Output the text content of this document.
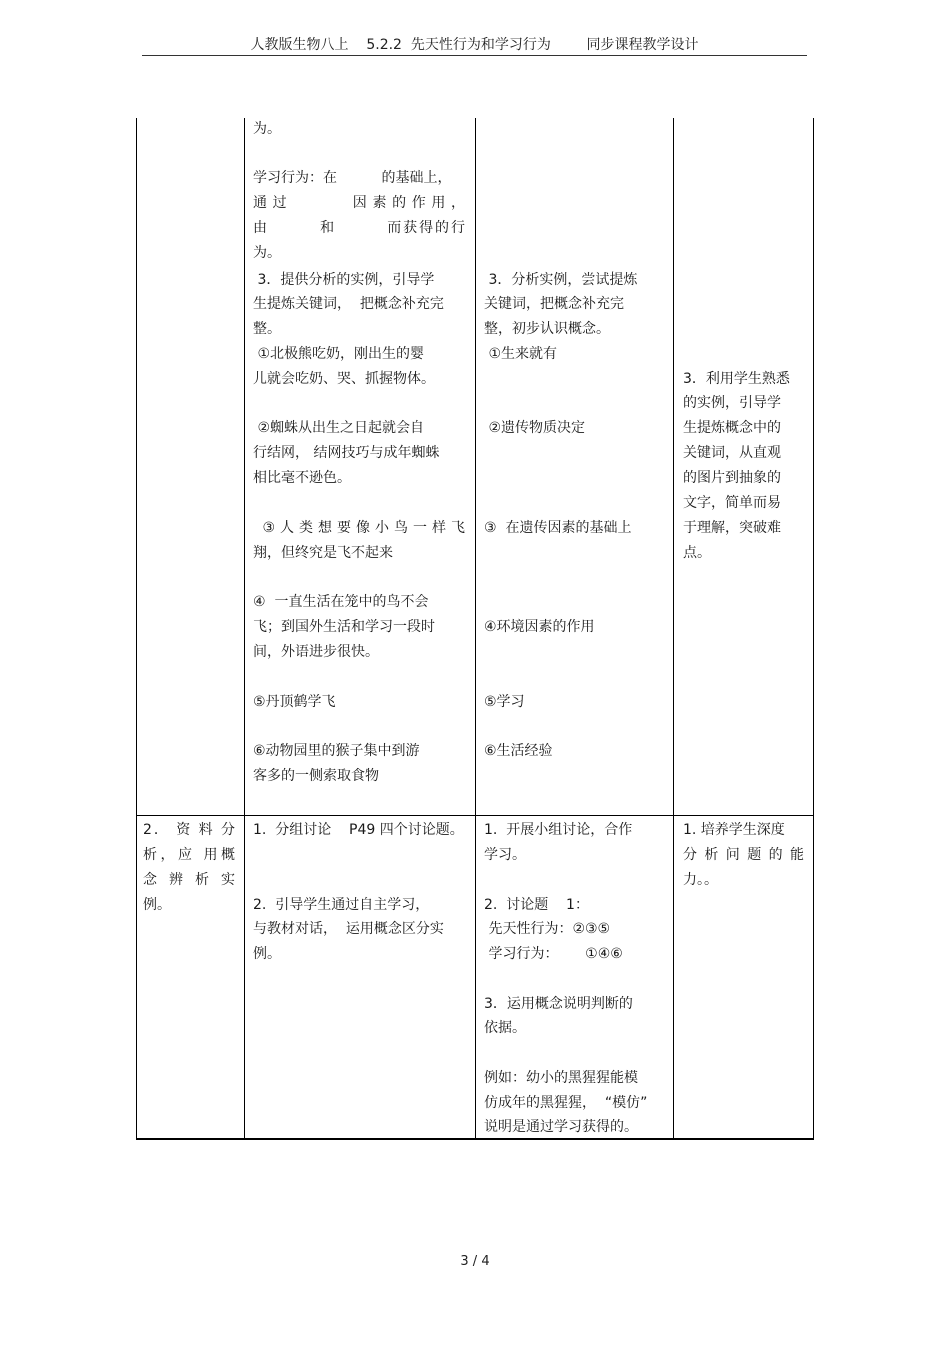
人教版生物八上    5.2.2  先天性行为和学习行为        同步课程教学设计
为。
学习行为：在          的基础上，
通过      因素的作用，
由        和        而获得的行
为。
3．提供分析的实例，引导学
生提炼关键词，  把概念补充完
整。
①北极熊吃奶，刚出生的婴
儿就会吃奶、哭、抓握物体。
②蜘蛛从出生之日起就会自
行结网， 结网技巧与成年蜘蛛
相比毫不逊色。
③人类想要像小鸟一样飞
翔，但终究是飞不起来
④  一直生活在笼中的鸟不会
飞；到国外生活和学习一段时
间，外语进步很快。
⑤丹顶鹤学飞
⑥动物园里的猴子集中到游
客多的一侧索取食物
3．分析实例，尝试提炼
关键词，把概念补充完
整，初步认识概念。
①生来就有
②遗传物质决定
③  在遗传因素的基础上
④环境因素的作用
⑤学习
⑥生活经验
3．利用学生熟悉
的实例，引导学
生提炼概念中的
关键词，从直观
的图片到抽象的
文字，简单而易
于理解，突破难
点。
2． 资 料 分
析，应 用概
念 辨 析 实
例。
1.  分组讨论    P49 四个讨论题。
2.  引导学生通过自主学习，
与教材对话，  运用概念区分实
例。
1.  开展小组讨论，合作
学习。
2.  讨论题    1：
先天性行为：②③⑤
学习行为：      ①④⑥
3．运用概念说明判断的
依据。
例如：幼小的黑猩猩能模
仿成年的黑猩猩，  “模仿”
说明是通过学习获得的。
1. 培养学生深度
分 析 问 题 的 能
力。。
3 / 4
